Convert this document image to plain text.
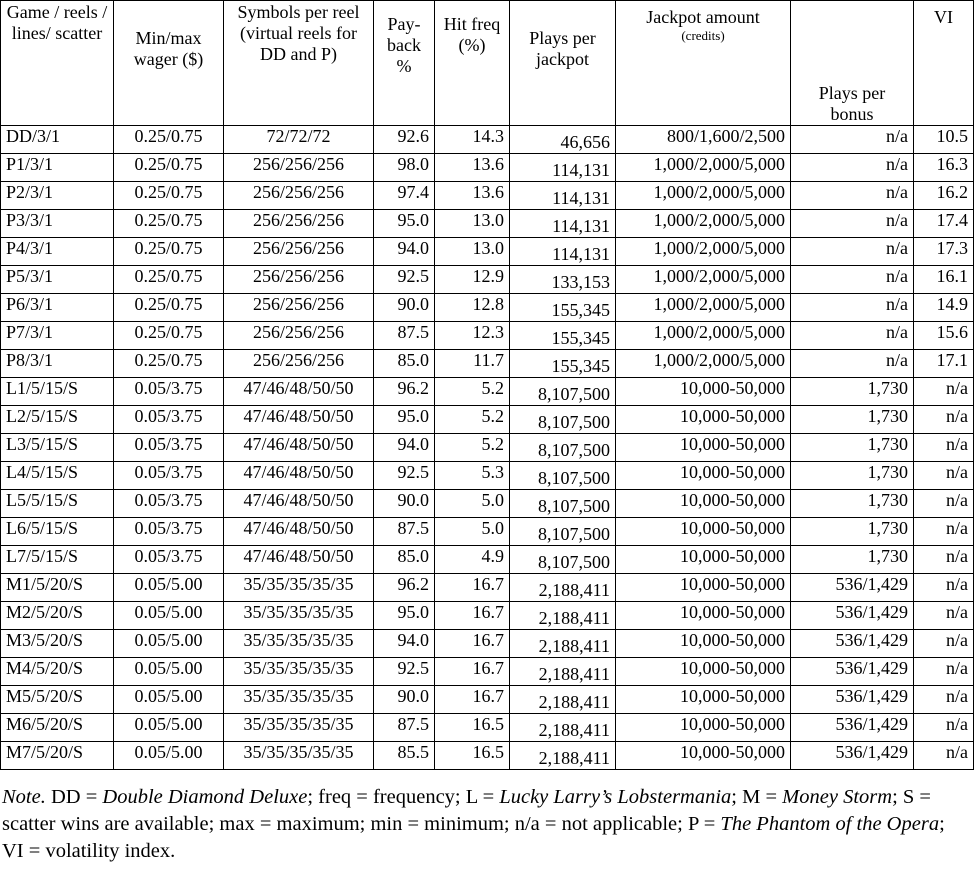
Game / reels / lines/ scatter	Min/max wager ($)	Symbols per reel (virtual reels for DD and P)	Pay-back %	Hit freq (%)	Plays per jackpot	Jackpot amount
(credits)	Plays per bonus	VI
DD/3/1	0.25/0.75	72/72/72	92.6	14.3	46,656	800/1,600/2,500	n/a	10.5
P1/3/1	0.25/0.75	256/256/256	98.0	13.6	114,131	1,000/2,000/5,000	n/a	16.3
P2/3/1	0.25/0.75	256/256/256	97.4	13.6	114,131	1,000/2,000/5,000	n/a	16.2
P3/3/1	0.25/0.75	256/256/256	95.0	13.0	114,131	1,000/2,000/5,000	n/a	17.4
P4/3/1	0.25/0.75	256/256/256	94.0	13.0	114,131	1,000/2,000/5,000	n/a	17.3
P5/3/1	0.25/0.75	256/256/256	92.5	12.9	133,153	1,000/2,000/5,000	n/a	16.1
P6/3/1	0.25/0.75	256/256/256	90.0	12.8	155,345	1,000/2,000/5,000	n/a	14.9
P7/3/1	0.25/0.75	256/256/256	87.5	12.3	155,345	1,000/2,000/5,000	n/a	15.6
P8/3/1	0.25/0.75	256/256/256	85.0	11.7	155,345	1,000/2,000/5,000	n/a	17.1
L1/5/15/S	0.05/3.75	47/46/48/50/50	96.2	5.2	8,107,500	10,000-50,000	1,730	n/a
L2/5/15/S	0.05/3.75	47/46/48/50/50	95.0	5.2	8,107,500	10,000-50,000	1,730	n/a
L3/5/15/S	0.05/3.75	47/46/48/50/50	94.0	5.2	8,107,500	10,000-50,000	1,730	n/a
L4/5/15/S	0.05/3.75	47/46/48/50/50	92.5	5.3	8,107,500	10,000-50,000	1,730	n/a
L5/5/15/S	0.05/3.75	47/46/48/50/50	90.0	5.0	8,107,500	10,000-50,000	1,730	n/a
L6/5/15/S	0.05/3.75	47/46/48/50/50	87.5	5.0	8,107,500	10,000-50,000	1,730	n/a
L7/5/15/S	0.05/3.75	47/46/48/50/50	85.0	4.9	8,107,500	10,000-50,000	1,730	n/a
M1/5/20/S	0.05/5.00	35/35/35/35/35	96.2	16.7	2,188,411	10,000-50,000	536/1,429	n/a
M2/5/20/S	0.05/5.00	35/35/35/35/35	95.0	16.7	2,188,411	10,000-50,000	536/1,429	n/a
M3/5/20/S	0.05/5.00	35/35/35/35/35	94.0	16.7	2,188,411	10,000-50,000	536/1,429	n/a
M4/5/20/S	0.05/5.00	35/35/35/35/35	92.5	16.7	2,188,411	10,000-50,000	536/1,429	n/a
M5/5/20/S	0.05/5.00	35/35/35/35/35	90.0	16.7	2,188,411	10,000-50,000	536/1,429	n/a
M6/5/20/S	0.05/5.00	35/35/35/35/35	87.5	16.5	2,188,411	10,000-50,000	536/1,429	n/a
M7/5/20/S	0.05/5.00	35/35/35/35/35	85.5	16.5	2,188,411	10,000-50,000	536/1,429	n/a
Note. DD = Double Diamond Deluxe; freq = frequency; L = Lucky Larry’s Lobstermania; M = Money Storm; S = scatter wins are available; max = maximum; min = minimum; n/a = not applicable; P = The Phantom of the Opera; VI = volatility index.
